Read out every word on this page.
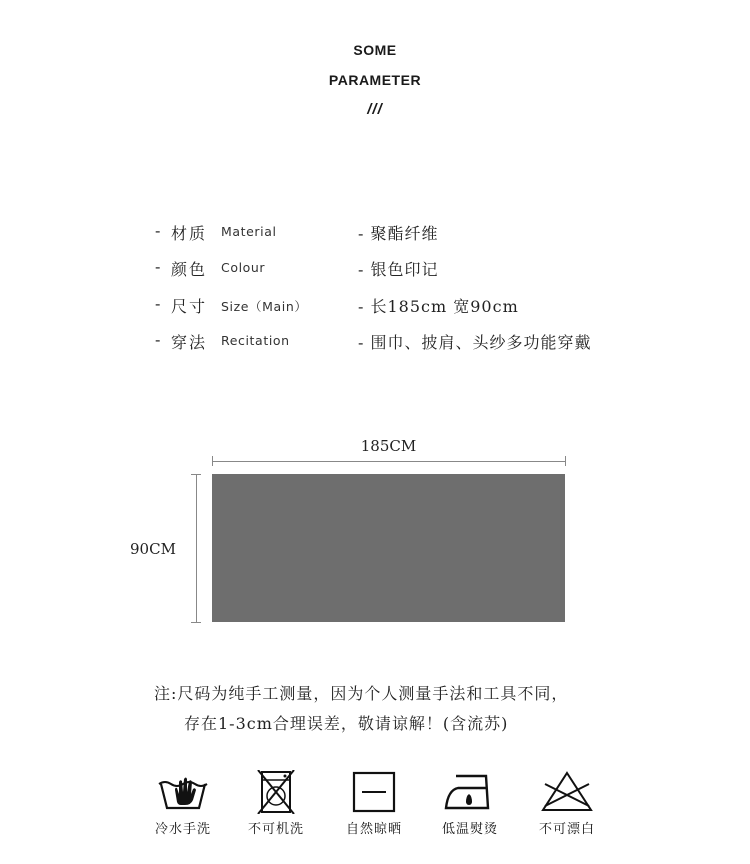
SOME
PARAMETER
///
- 材质 Material	- 聚酯纤维
- 颜色 Colour	- 银色印记
- 尺寸 Size（Main）	- 长185cm 宽90cm
- 穿法 Recitation	- 围巾、披肩、头纱多功能穿戴
185CM
90CM
注:尺码为纯手工测量，因为个人测量手法和工具不同，
存在1-3cm合理误差，敬请谅解！(含流苏)
冷水手洗	不可机洗	自然晾晒	低温熨烫	不可漂白
